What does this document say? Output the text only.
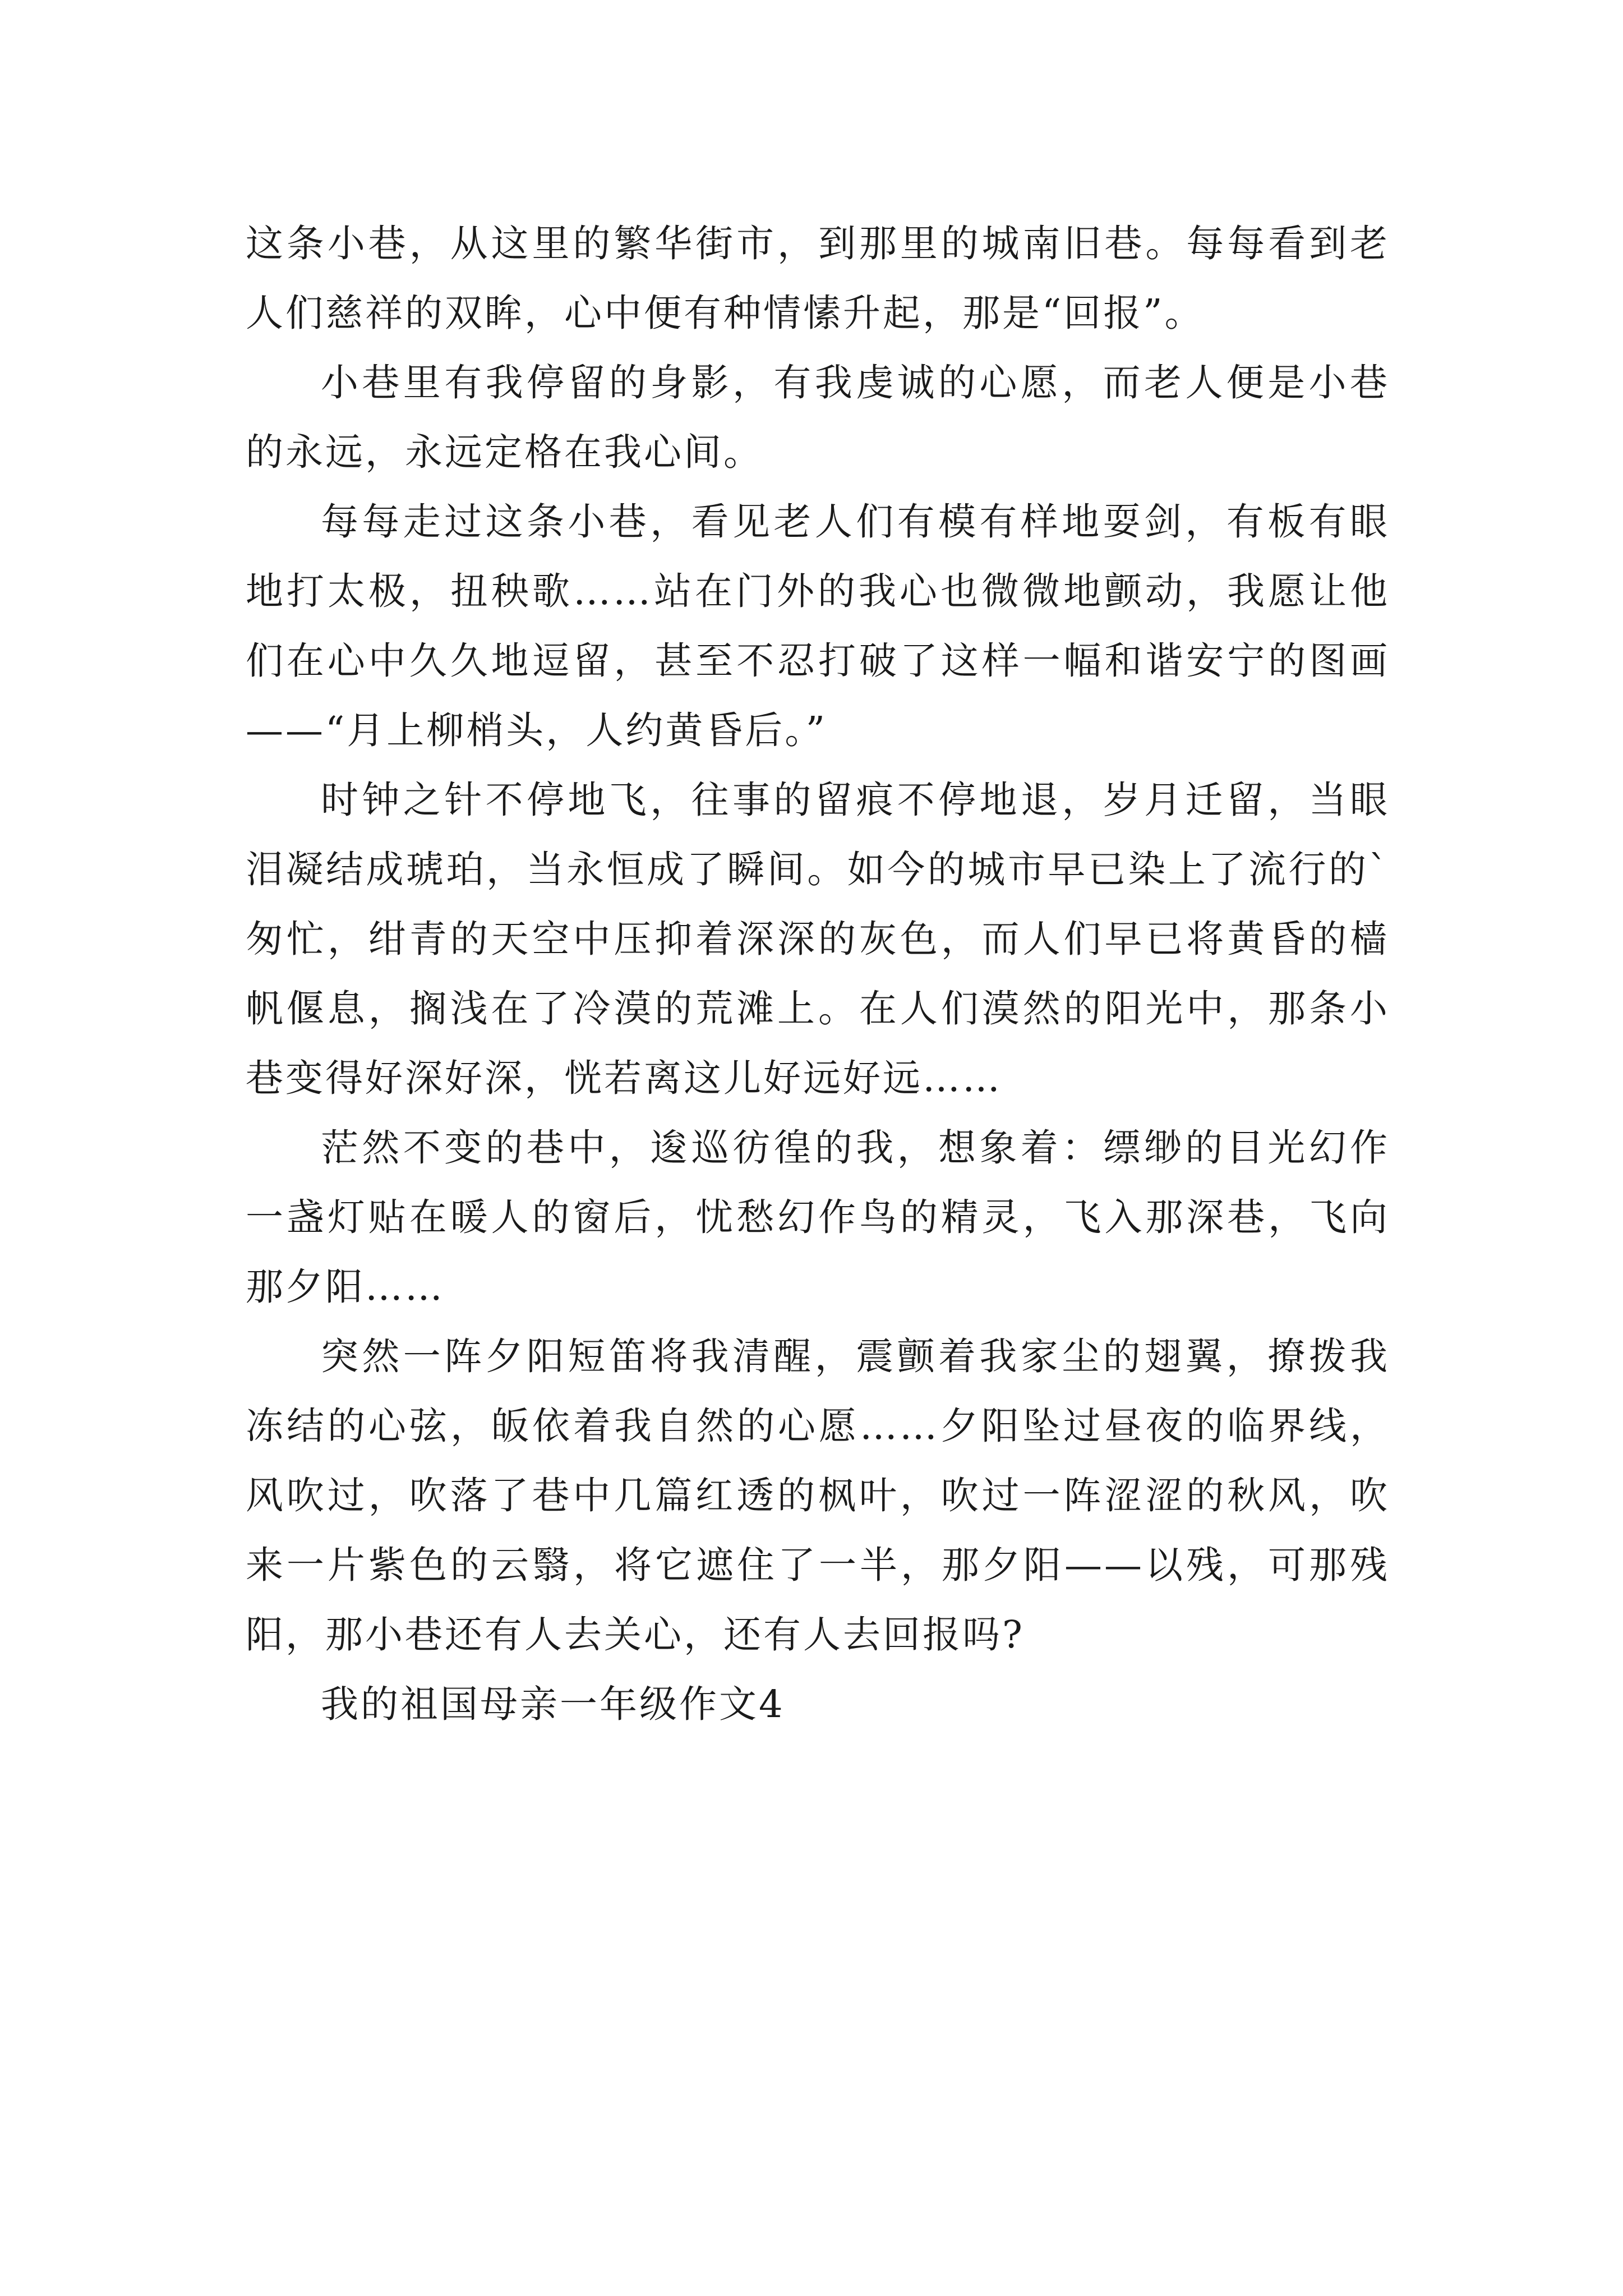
这条小巷，从这里的繁华街市，到那里的城南旧巷。每每看到老人们慈祥的双眸，心中便有种情愫升起，那是“回报”。

小巷里有我停留的身影，有我虔诚的心愿，而老人便是小巷的永远，永远定格在我心间。

每每走过这条小巷，看见老人们有模有样地耍剑，有板有眼地打太极，扭秧歌……站在门外的我心也微微地颤动，我愿让他们在心中久久地逗留，甚至不忍打破了这样一幅和谐安宁的图画——“月上柳梢头，人约黄昏后。”

时钟之针不停地飞，往事的留痕不停地退，岁月迁留，当眼泪凝结成琥珀，当永恒成了瞬间。如今的城市早已染上了流行的`匆忙，绀青的天空中压抑着深深的灰色，而人们早已将黄昏的樯帆偃息，搁浅在了冷漠的荒滩上。在人们漠然的阳光中，那条小巷变得好深好深，恍若离这儿好远好远……

茫然不变的巷中，逡巡彷徨的我，想象着：缥缈的目光幻作一盏灯贴在暖人的窗后，忧愁幻作鸟的精灵，飞入那深巷，飞向那夕阳……

突然一阵夕阳短笛将我清醒，震颤着我家尘的翅翼，撩拨我冻结的心弦，皈依着我自然的心愿……夕阳坠过昼夜的临界线，风吹过，吹落了巷中几篇红透的枫叶，吹过一阵涩涩的秋风，吹来一片紫色的云翳，将它遮住了一半，那夕阳——以残，可那残阳，那小巷还有人去关心，还有人去回报吗?

我的祖国母亲一年级作文4
